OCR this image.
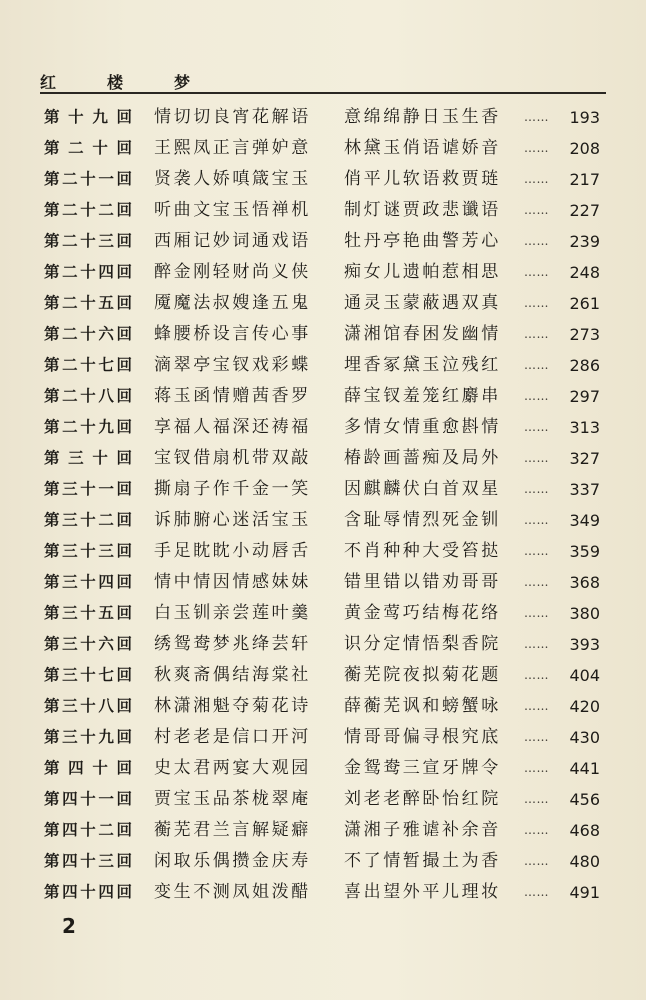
红	楼	梦
第 十 九 回 情切切良宵花解语 意绵绵静日玉生香 …… 193
第 二 十 回 王熙凤正言弹妒意 林黛玉俏语谑娇音 …… 208
第 二 十 一 回 贤袭人娇嗔箴宝玉 俏平儿软语救贾琏 …… 217
第 二 十 二 回 听曲文宝玉悟禅机 制灯谜贾政悲谶语 …… 227
第 二 十 三 回 西厢记妙词通戏语 牡丹亭艳曲警芳心 …… 239
第 二 十 四 回 醉金刚轻财尚义侠 痴女儿遗帕惹相思 …… 248
第 二 十 五 回 魇魔法叔嫂逢五鬼 通灵玉蒙蔽遇双真 …… 261
第 二 十 六 回 蜂腰桥设言传心事 潇湘馆春困发幽情 …… 273
第 二 十 七 回 滴翠亭宝钗戏彩蝶 埋香冢黛玉泣残红 …… 286
第 二 十 八 回 蒋玉函情赠茜香罗 薛宝钗羞笼红麝串 …… 297
第 二 十 九 回 享福人福深还祷福 多情女情重愈斟情 …… 313
第 三 十 回 宝钗借扇机带双敲 椿龄画蔷痴及局外 …… 327
第 三 十 一 回 撕扇子作千金一笑 因麒麟伏白首双星 …… 337
第 三 十 二 回 诉肺腑心迷活宝玉 含耻辱情烈死金钏 …… 349
第 三 十 三 回 手足眈眈小动唇舌 不肖种种大受笞挞 …… 359
第 三 十 四 回 情中情因情感妹妹 错里错以错劝哥哥 …… 368
第 三 十 五 回 白玉钏亲尝莲叶羹 黄金莺巧结梅花络 …… 380
第 三 十 六 回 绣鸳鸯梦兆绛芸轩 识分定情悟梨香院 …… 393
第 三 十 七 回 秋爽斋偶结海棠社 蘅芜院夜拟菊花题 …… 404
第 三 十 八 回 林潇湘魁夺菊花诗 薛蘅芜讽和螃蟹咏 …… 420
第 三 十 九 回 村老老是信口开河 情哥哥偏寻根究底 …… 430
第 四 十 回 史太君两宴大观园 金鸳鸯三宣牙牌令 …… 441
第 四 十 一 回 贾宝玉品茶栊翠庵 刘老老醉卧怡红院 …… 456
第 四 十 二 回 蘅芜君兰言解疑癖 潇湘子雅谑补余音 …… 468
第 四 十 三 回 闲取乐偶攒金庆寿 不了情暂撮土为香 …… 480
第 四 十 四 回 变生不测凤姐泼醋 喜出望外平儿理妆 …… 491
2
